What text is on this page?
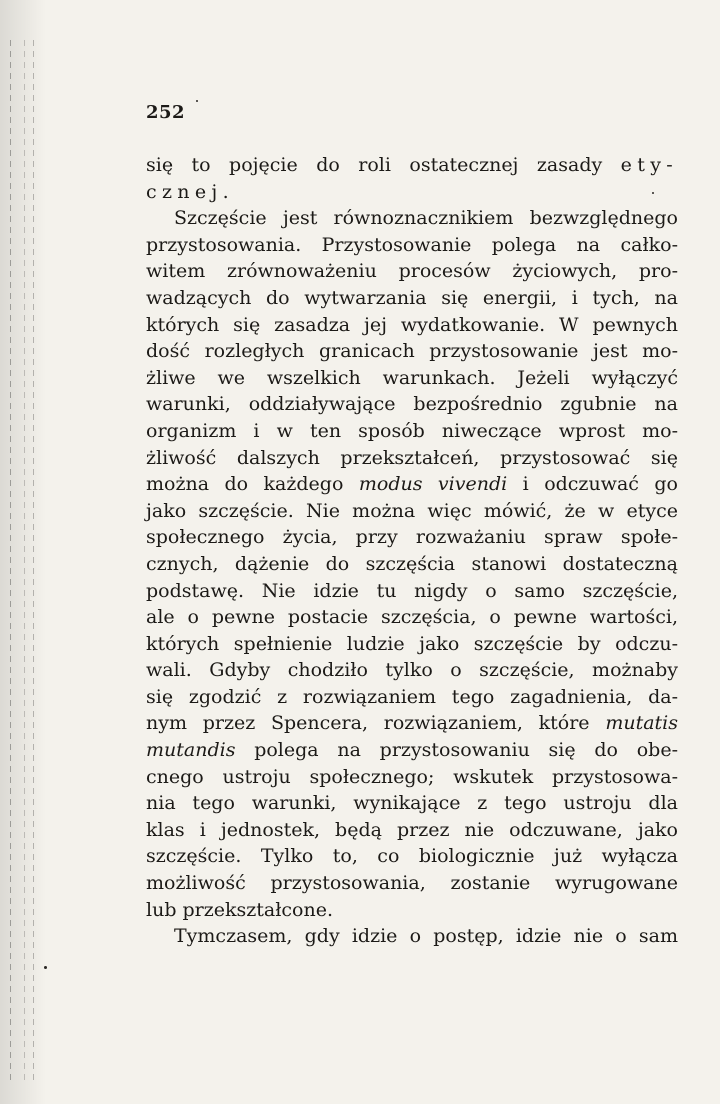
252
się to pojęcie do roli ostatecznej zasady ety-
cznej.
Szczęście jest równoznacznikiem bezwzględnego
przystosowania. Przystosowanie polega na całko-
witem zrównoważeniu procesów życiowych, pro-
wadzących do wytwarzania się energii, i tych, na
których się zasadza jej wydatkowanie. W pewnych
dość rozległych granicach przystosowanie jest mo-
żliwe we wszelkich warunkach. Jeżeli wyłączyć
warunki, oddziaływające bezpośrednio zgubnie na
organizm i w ten sposób niweczące wprost mo-
żliwość dalszych przekształceń, przystosować się
można do każdego modus vivendi i odczuwać go
jako szczęście. Nie można więc mówić, że w etyce
społecznego życia, przy rozważaniu spraw społe-
cznych, dążenie do szczęścia stanowi dostateczną
podstawę. Nie idzie tu nigdy o samo szczęście,
ale o pewne postacie szczęścia, o pewne wartości,
których spełnienie ludzie jako szczęście by odczu-
wali. Gdyby chodziło tylko o szczęście, możnaby
się zgodzić z rozwiązaniem tego zagadnienia, da-
nym przez Spencera, rozwiązaniem, które mutatis
mutandis polega na przystosowaniu się do obe-
cnego ustroju społecznego; wskutek przystosowa-
nia tego warunki, wynikające z tego ustroju dla
klas i jednostek, będą przez nie odczuwane, jako
szczęście. Tylko to, co biologicznie już wyłącza
możliwość przystosowania, zostanie wyrugowane
lub przekształcone.
Tymczasem, gdy idzie o postęp, idzie nie o sam
